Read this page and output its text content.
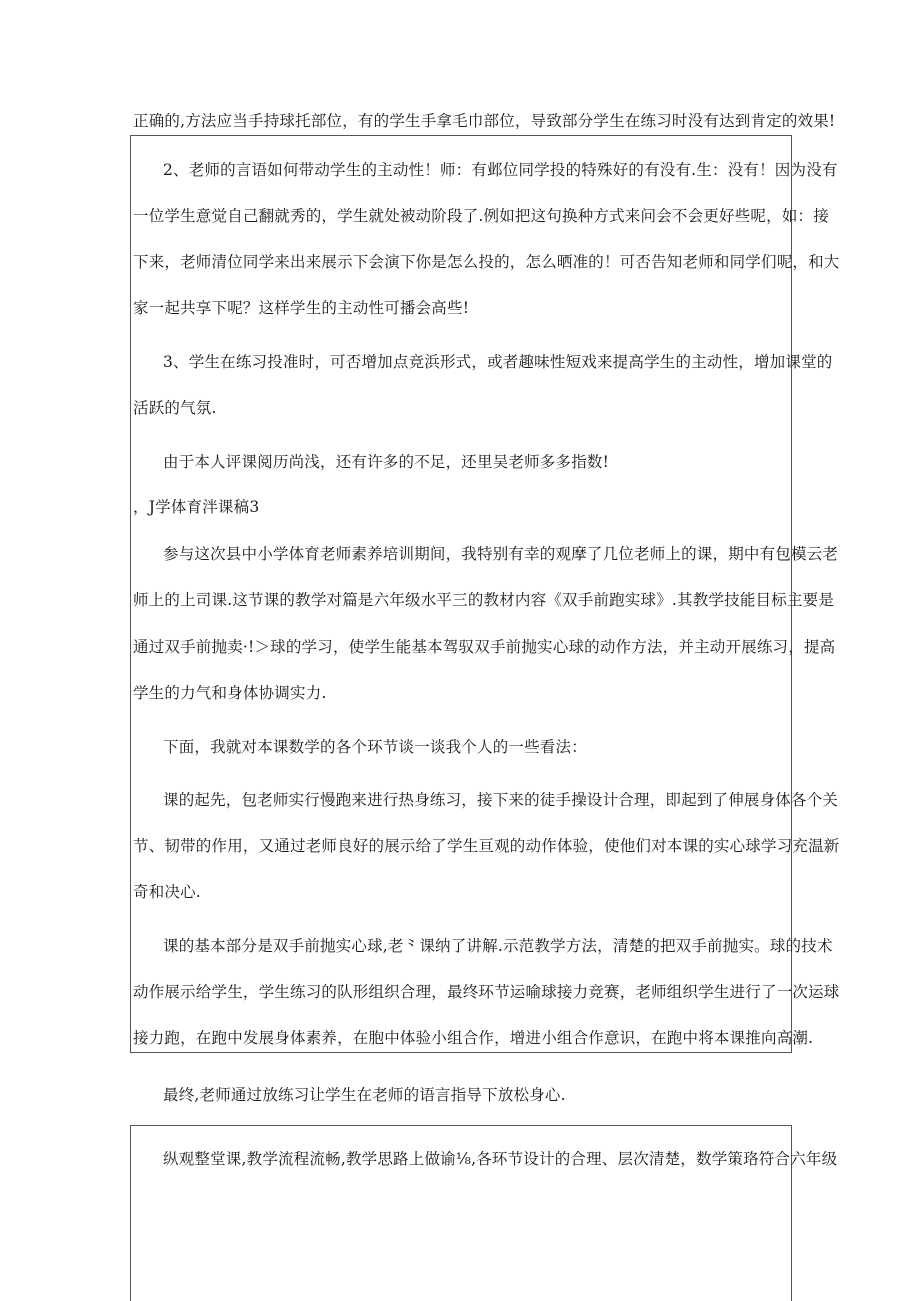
正确的,方法应当手持球托部位，有的学生手拿毛巾部位，导致部分学生在练习时没有达到肯定的效果!
2、老师的言语如何带动学生的主动性！师：有邺位同学投的特殊好的有没有.生：没有！因为没有
一位学生意觉自己翻就秀的，学生就处被动阶段了.例如把这句换种方式来问会不会更好些呢，如：接
下来，老师清位同学来出来展示下会演下你是怎么投的，怎么晒准的！可否告知老师和同学们呢，和大
家一起共享下呢？这样学生的主动性可播会高些!
3、学生在练习投准时，可否增加点竞浜形式，或者趣味性短戏来提高学生的主动性，增加课堂的
活跃的气氛.
由于本人评课阅历尚浅，还有许多的不足，还里吴老师多多指数!
，J学体育泮课稿3
参与这次县中小学体育老师素养培训期间，我特别有幸的观摩了几位老师上的课，期中有包模云老
师上的上司课.这节课的教学对篇是六年级水平三的教材内容《双手前跑实球》.其教学技能目标主要是
通过双手前抛卖·!＞球的学习，使学生能基本驾驭双手前抛实心球的动作方法，并主动开展练习，提高
学生的力气和身体协调实力.
下面，我就对本课数学的各个环节谈一谈我个人的一些看法：
课的起先，包老师实行慢跑来进行热身练习，接下来的徒手操设计合理，即起到了伸展身体各个关
节、韧带的作用，又通过老师良好的展示给了学生亘观的动作体验，使他们对本课的实心球学习充温新
奇和决心.
课的基本部分是双手前抛实心球,老⺀课纳了讲解.示范教学方法，清楚的把双手前抛实。球的技术
动作展示给学生，学生练习的队形组织合理，最终环节运喻球接力竞赛，老师组织学生进行了一次运球
接力跑，在跑中发展身体素养，在胞中体验小组合作，增进小组合作意识，在跑中将本课推向高潮.
最终,老师通过放练习让学生在老师的语言指导下放松身心.
纵观整堂课,教学流程流畅,教学思路上做谕⅛,各环节设计的合理、层次清楚，数学策珞符合六年级
